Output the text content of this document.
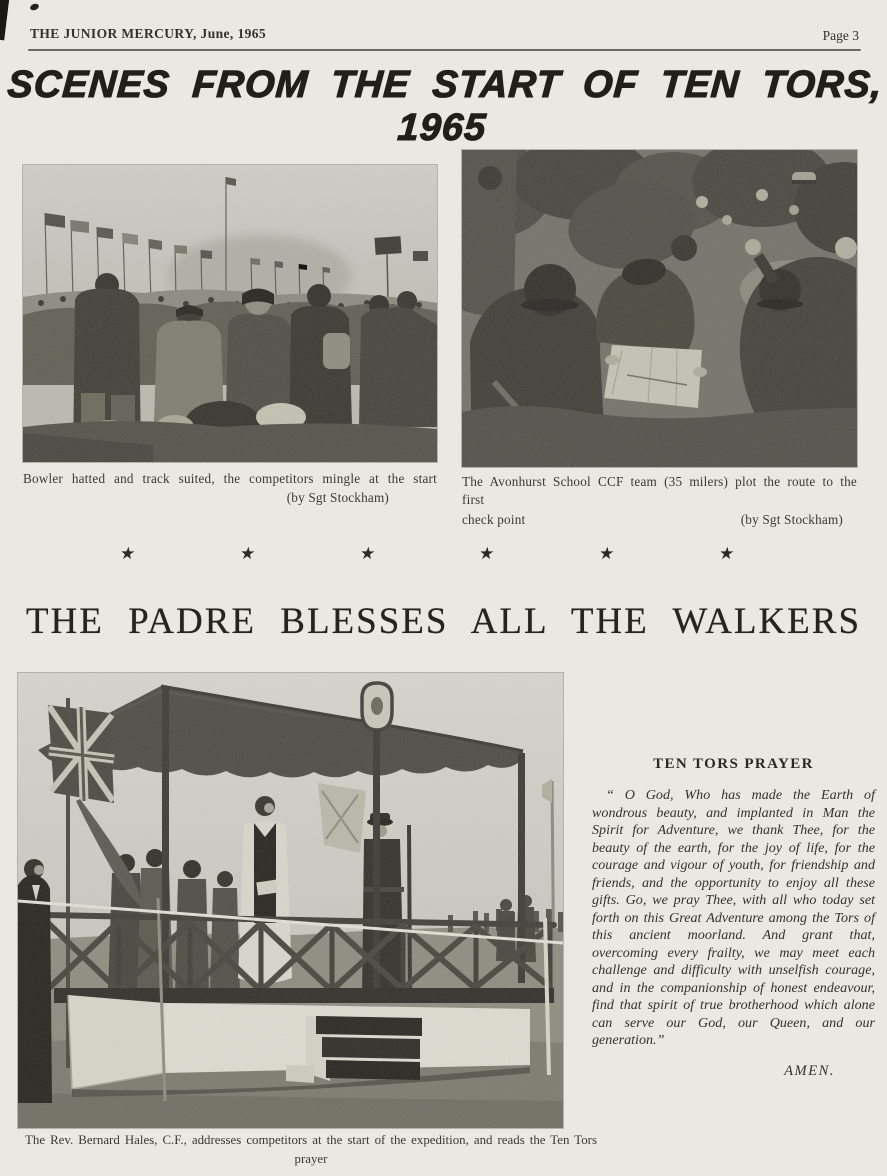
THE JUNIOR MERCURY, June, 1965	Page 3
SCENES FROM THE START OF TEN TORS, 1965
Bowler hatted and track suited, the competitors mingle at the start
(by Sgt Stockham)
The Avonhurst School CCF team (35 milers) plot the route to the first
check point	(by Sgt Stockham)
★	★	★	★	★	★
THE PADRE BLESSES ALL THE WALKERS
TEN TORS PRAYER
“ O God, Who has made the Earth of wondrous beauty, and implanted in Man the Spirit for Adventure, we thank Thee, for the beauty of the earth, for the joy of life, for the courage and vigour of youth, for friendship and friends, and the opportunity to enjoy all these gifts. Go, we pray Thee, with all who today set forth on this Great Adventure among the Tors of this ancient moorland. And grant that, overcoming every frailty, we may meet each challenge and difficulty with unselfish courage, and in the companionship of honest endeavour, find that spirit of true brotherhood which alone can serve our God, our Queen, and our generation.”
AMEN.
The Rev. Bernard Hales, C.F., addresses competitors at the start of the expedition, and reads the Ten Tors
prayer
